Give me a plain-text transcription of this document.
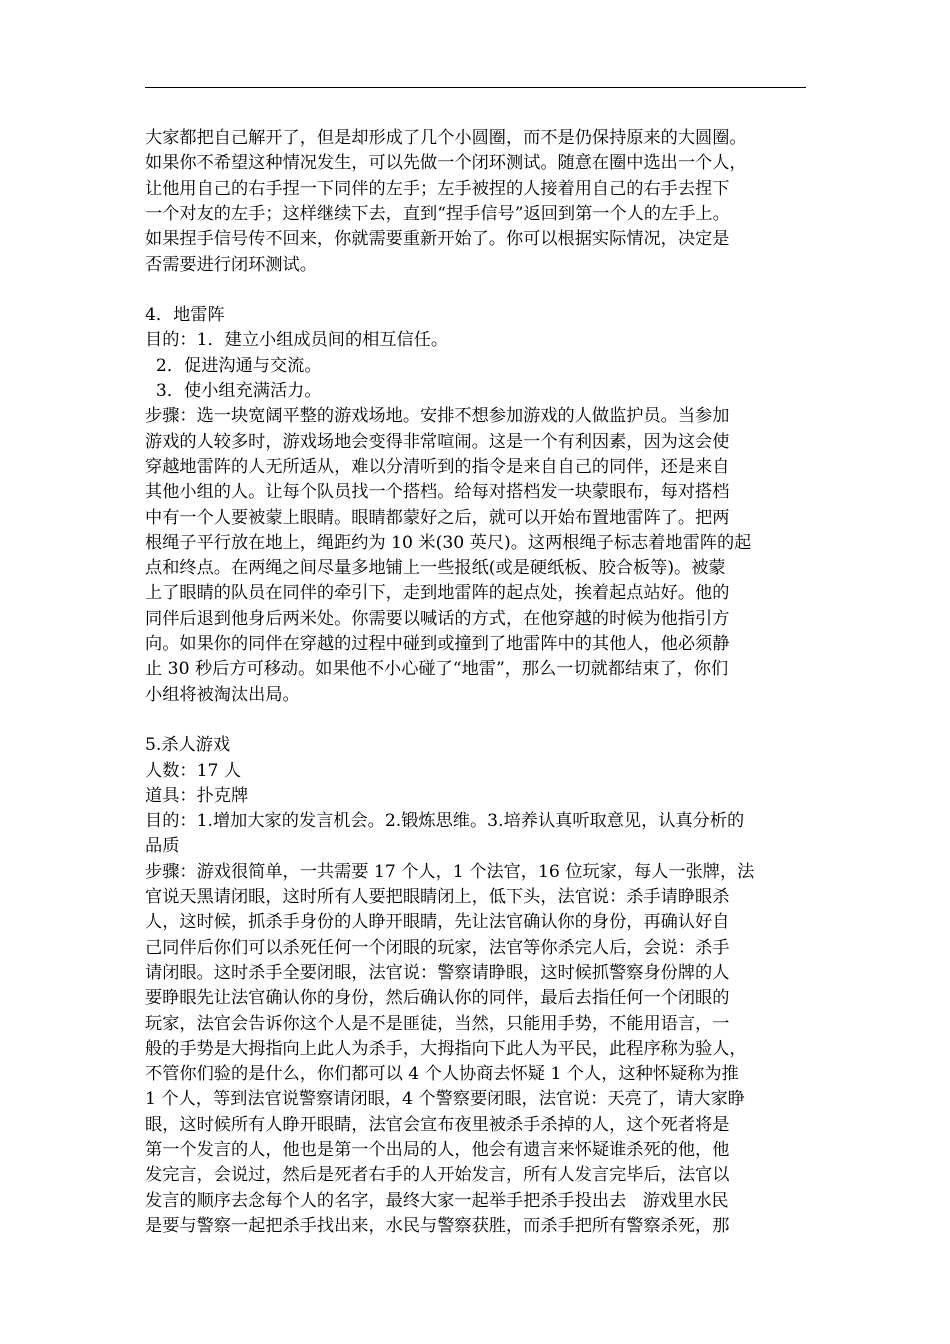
大家都把自己解开了，但是却形成了几个小圆圈，而不是仍保持原来的大圆圈。
如果你不希望这种情况发生，可以先做一个闭环测试。随意在圈中选出一个人，
让他用自己的右手捏一下同伴的左手；左手被捏的人接着用自己的右手去捏下
一个对友的左手；这样继续下去，直到“捏手信号”返回到第一个人的左手上。
如果捏手信号传不回来，你就需要重新开始了。你可以根据实际情况，决定是
否需要进行闭环测试。
4．地雷阵
目的：1．建立小组成员间的相互信任。
2．促进沟通与交流。
3．使小组充满活力。
步骤：选一块宽阔平整的游戏场地。安排不想参加游戏的人做监护员。当参加
游戏的人较多时，游戏场地会变得非常喧闹。这是一个有利因素，因为这会使
穿越地雷阵的人无所适从，难以分清听到的指令是来自自己的同伴，还是来自
其他小组的人。让每个队员找一个搭档。给每对搭档发一块蒙眼布，每对搭档
中有一个人要被蒙上眼睛。眼睛都蒙好之后，就可以开始布置地雷阵了。把两
根绳子平行放在地上，绳距约为 10 米(30 英尺)。这两根绳子标志着地雷阵的起
点和终点。在两绳之间尽量多地铺上一些报纸(或是硬纸板、胶合板等)。被蒙
上了眼睛的队员在同伴的牵引下，走到地雷阵的起点处，挨着起点站好。他的
同伴后退到他身后两米处。你需要以喊话的方式，在他穿越的时候为他指引方
向。如果你的同伴在穿越的过程中碰到或撞到了地雷阵中的其他人，他必须静
止 30 秒后方可移动。如果他不小心碰了“地雷”，那么一切就都结束了，你们
小组将被淘汰出局。
5.杀人游戏
人数：17 人
道具：扑克牌
目的：1.增加大家的发言机会。2.锻炼思维。3.培养认真听取意见，认真分析的
品质
步骤：游戏很简单，一共需要 17 个人，1 个法官，16 位玩家，每人一张牌，法
官说天黑请闭眼，这时所有人要把眼睛闭上，低下头，法官说：杀手请睁眼杀
人，这时候，抓杀手身份的人睁开眼睛，先让法官确认你的身份，再确认好自
己同伴后你们可以杀死任何一个闭眼的玩家，法官等你杀完人后，会说：杀手
请闭眼。这时杀手全要闭眼，法官说：警察请睁眼，这时候抓警察身份牌的人
要睁眼先让法官确认你的身份，然后确认你的同伴，最后去指任何一个闭眼的
玩家，法官会告诉你这个人是不是匪徒，当然，只能用手势，不能用语言，一
般的手势是大拇指向上此人为杀手，大拇指向下此人为平民，此程序称为验人，
不管你们验的是什么，你们都可以 4 个人协商去怀疑 1 个人，这种怀疑称为推
1 个人，等到法官说警察请闭眼，4 个警察要闭眼，法官说：天亮了，请大家睁
眼，这时候所有人睁开眼睛，法官会宣布夜里被杀手杀掉的人，这个死者将是
第一个发言的人，他也是第一个出局的人，他会有遗言来怀疑谁杀死的他，他
发完言，会说过，然后是死者右手的人开始发言，所有人发言完毕后，法官以
发言的顺序去念每个人的名字，最终大家一起举手把杀手投出去   游戏里水民
是要与警察一起把杀手找出来，水民与警察获胜，而杀手把所有警察杀死，那
